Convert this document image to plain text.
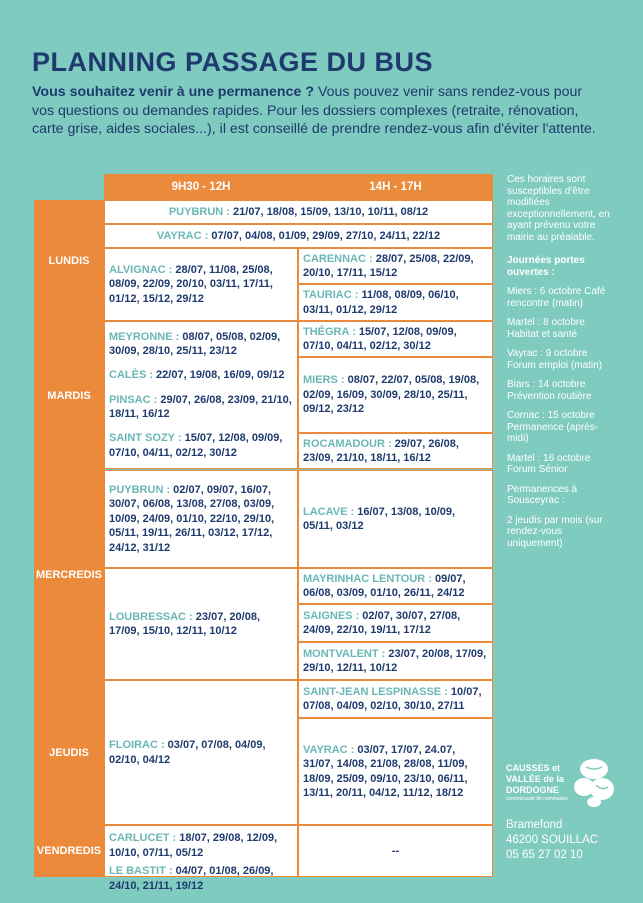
PLANNING PASSAGE DU BUS
Vous souhaitez venir à une permanence ? Vous pouvez venir sans rendez-vous pour vos questions ou demandes rapides. Pour les dossiers complexes (retraite, rénovation, carte grise, aides sociales...), il est conseillé de prendre rendez-vous afin d'éviter l'attente.
9H30 - 12H	14H - 17H
LUNDIS
MARDIS
MERCREDIS
JEUDIS
VENDREDIS
PUYBRUN : 21/07, 18/08, 15/09, 13/10, 10/11, 08/12
VAYRAC : 07/07, 04/08, 01/09, 29/09, 27/10, 24/11, 22/12
ALVIGNAC : 28/07, 11/08, 25/08, 08/09, 22/09, 20/10, 03/11, 17/11, 01/12, 15/12, 29/12
CARENNAC : 28/07, 25/08, 22/09, 20/10, 17/11, 15/12
TAURIAC : 11/08, 08/09, 06/10, 03/11, 01/12, 29/12
MEYRONNE : 08/07, 05/08, 02/09, 30/09, 28/10, 25/11, 23/12
CALÈS : 22/07, 19/08, 16/09, 09/12
PINSAC : 29/07, 26/08, 23/09, 21/10, 18/11, 16/12
SAINT SOZY : 15/07, 12/08, 09/09, 07/10, 04/11, 02/12, 30/12
THÉGRA : 15/07, 12/08, 09/09, 07/10, 04/11, 02/12, 30/12
MIERS : 08/07, 22/07, 05/08, 19/08, 02/09, 16/09, 30/09, 28/10, 25/11, 09/12, 23/12
ROCAMADOUR : 29/07, 26/08, 23/09, 21/10, 18/11, 16/12
PUYBRUN : 02/07, 09/07, 16/07, 30/07, 06/08, 13/08, 27/08, 03/09, 10/09, 24/09, 01/10, 22/10, 29/10, 05/11, 19/11, 26/11, 03/12, 17/12, 24/12, 31/12
LACAVE : 16/07, 13/08, 10/09, 05/11, 03/12
LOUBRESSAC : 23/07, 20/08, 17/09, 15/10, 12/11, 10/12
MAYRINHAC LENTOUR : 09/07, 06/08, 03/09, 01/10, 26/11, 24/12
SAIGNES : 02/07, 30/07, 27/08, 24/09, 22/10, 19/11, 17/12
MONTVALENT : 23/07, 20/08, 17/09, 29/10, 12/11, 10/12
FLOIRAC : 03/07, 07/08, 04/09, 02/10, 04/12
SAINT-JEAN LESPINASSE : 10/07, 07/08, 04/09, 02/10, 30/10, 27/11
VAYRAC : 03/07, 17/07, 24.07, 31/07, 14/08, 21/08, 28/08, 11/09, 18/09, 25/09, 09/10, 23/10, 06/11, 13/11, 20/11, 04/12, 11/12, 18/12
CARLUCET : 18/07, 29/08, 12/09, 10/10, 07/11, 05/12
LE BASTIT : 04/07, 01/08, 26/09, 24/10, 21/11, 19/12
--

Ces horaires sont susceptibles d'être modifiées exceptionnellement, en ayant prévenu votre mairie au préalable.

Journées portes ouvertes :

Miers : 6 octobre Café rencontre (matin)

Martel : 8 octobre Habitat et santé

Vayrac : 9 octobre Forum emploi (matin)

Biars : 14 octobre Prévention routière

Cornac : 15 octobre Permanence (après-midi)

Martel : 16 octobre Forum Sénior

Permanences à Sousceyrac :

2 jeudis par mois (sur rendez-vous uniquement)

CAUSSES et
VALLÉE de la
DORDOGNE
communauté de communes
Bramefond
46200 SOUILLAC
05 65 27 02 10
